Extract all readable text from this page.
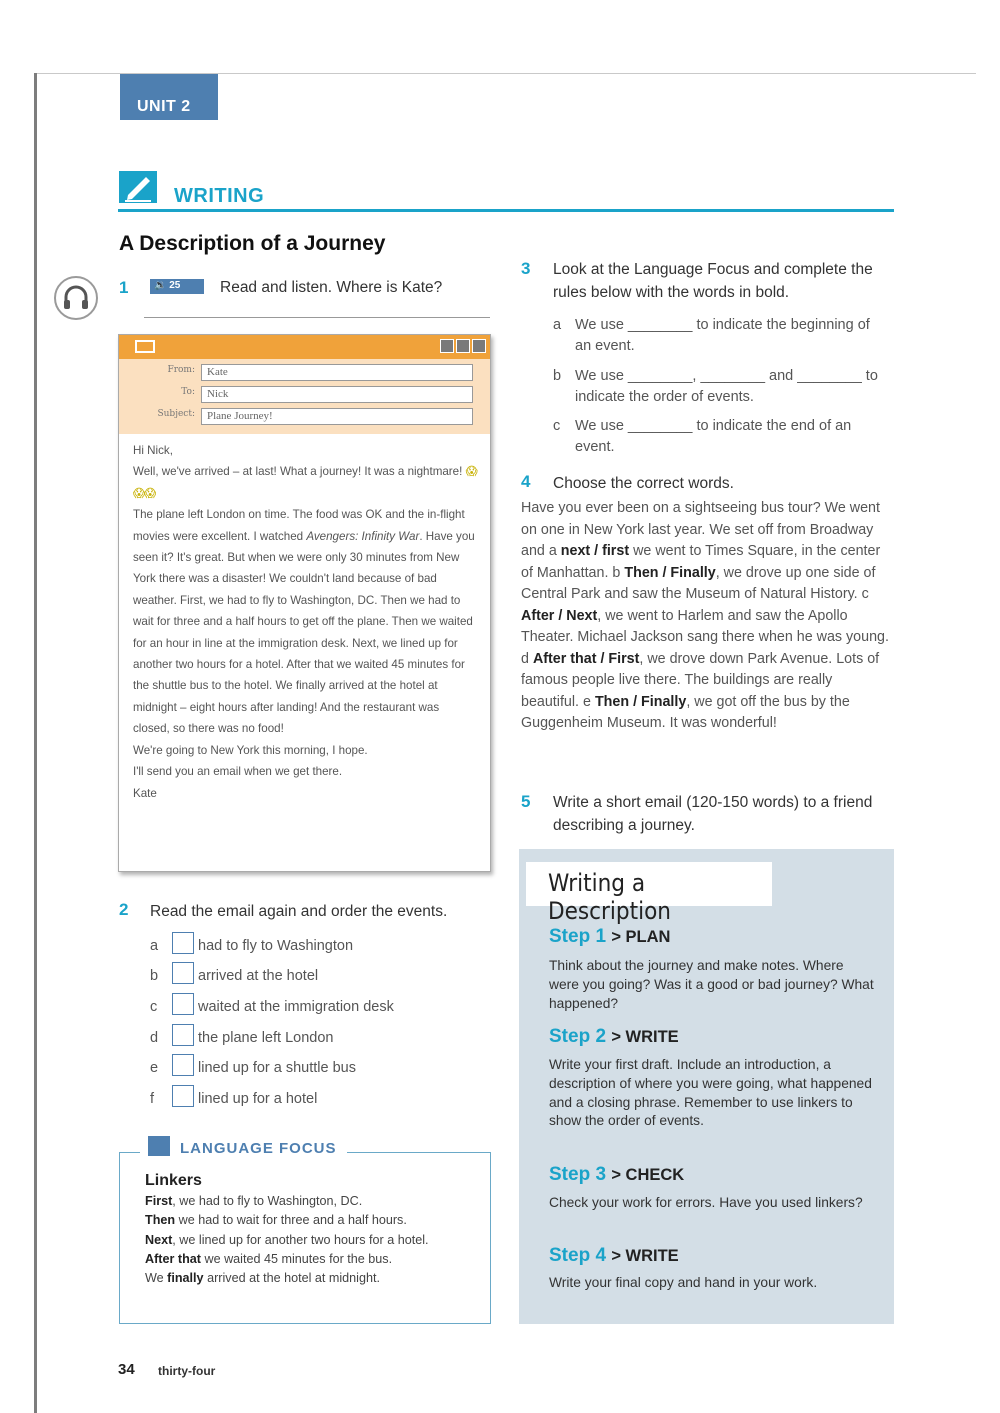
UNIT 2
WRITING
A Description of a Journey
1	🔉 25	Read and listen. Where is Kate?
From:	Kate
To:	Nick
Subject:	Plane Journey!

Hi Nick,

Well, we've arrived – at last! What a journey! It was a nightmare! 😱😱😱

The plane left London on time. The food was OK and the in-flight movies were excellent. I watched Avengers: Infinity War. Have you seen it? It's great. But when we were only 30 minutes from New York there was a disaster! We couldn't land because of bad weather. First, we had to fly to Washington, DC. Then we had to wait for three and a half hours to get off the plane. Then we waited for an hour in line at the immigration desk. Next, we lined up for another two hours for a hotel. After that we waited 45 minutes for the shuttle bus to the hotel. We finally arrived at the hotel at midnight – eight hours after landing! And the restaurant was closed, so there was no food!

We're going to New York this morning, I hope.

I'll send you an email when we get there.

Kate

2 Read the email again and order the events.
a	had to fly to Washington
b	arrived at the hotel
c	waited at the immigration desk
d	the plane left London
e	lined up for a shuttle bus
f	lined up for a hotel
LANGUAGE FOCUS
Linkers
First, we had to fly to Washington, DC.
Then we had to wait for three and a half hours.
Next, we lined up for another two hours for a hotel.
After that we waited 45 minutes for the bus.
We finally arrived at the hotel at midnight.
3 Look at the Language Focus and complete the rules below with the words in bold.
a We use ________ to indicate the beginning of an event.
b We use ________, ________ and ________ to indicate the order of events.
c We use ________ to indicate the end of an event.
4 Choose the correct words.
Have you ever been on a sightseeing bus tour? We went on one in New York last year. We set off from Broadway and a next / first we went to Times Square, in the center of Manhattan. b Then / Finally, we drove up one side of Central Park and saw the Museum of Natural History. c After / Next, we went to Harlem and saw the Apollo Theater. Michael Jackson sang there when he was young. d After that / First, we drove down Park Avenue. Lots of famous people live there. The buildings are really beautiful. e Then / Finally, we got off the bus by the Guggenheim Museum. It was wonderful!
5 Write a short email (120-150 words) to a friend describing a journey.
Writing a Description
Step 1 > PLAN
Think about the journey and make notes. Where were you going? Was it a good or bad journey? What happened?
Step 2 > WRITE
Write your first draft. Include an introduction, a description of where you were going, what happened and a closing phrase. Remember to use linkers to show the order of events.
Step 3 > CHECK
Check your work for errors. Have you used linkers?
Step 4 > WRITE
Write your final copy and hand in your work.
34 thirty-four
